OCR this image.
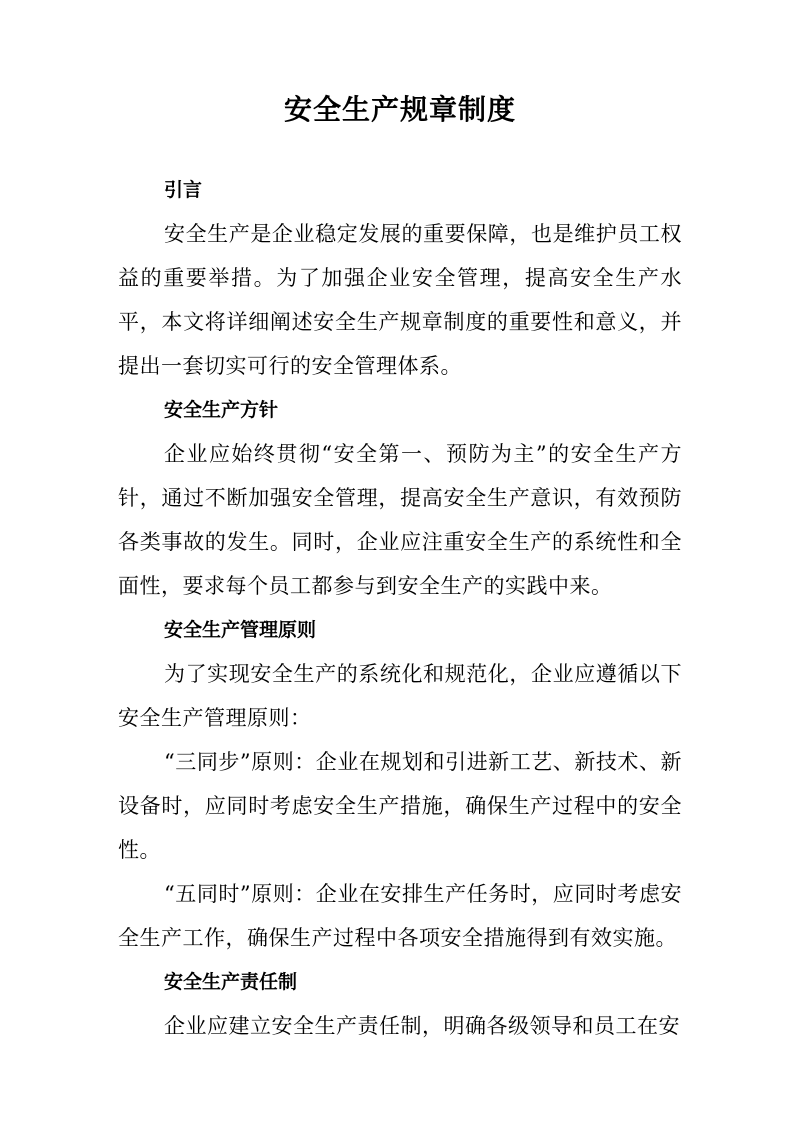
安全生产规章制度
引言

安全生产是企业稳定发展的重要保障，也是维护员工权益的重要举措。为了加强企业安全管理，提高安全生产水平，本文将详细阐述安全生产规章制度的重要性和意义，并提出一套切实可行的安全管理体系。

安全生产方针

企业应始终贯彻“安全第一、预防为主”的安全生产方针，通过不断加强安全管理，提高安全生产意识，有效预防各类事故的发生。同时，企业应注重安全生产的系统性和全面性，要求每个员工都参与到安全生产的实践中来。

安全生产管理原则

为了实现安全生产的系统化和规范化，企业应遵循以下安全生产管理原则：

“三同步”原则：企业在规划和引进新工艺、新技术、新设备时，应同时考虑安全生产措施，确保生产过程中的安全性。

“五同时”原则：企业在安排生产任务时，应同时考虑安全生产工作，确保生产过程中各项安全措施得到有效实施。

安全生产责任制

企业应建立安全生产责任制，明确各级领导和员工在安
